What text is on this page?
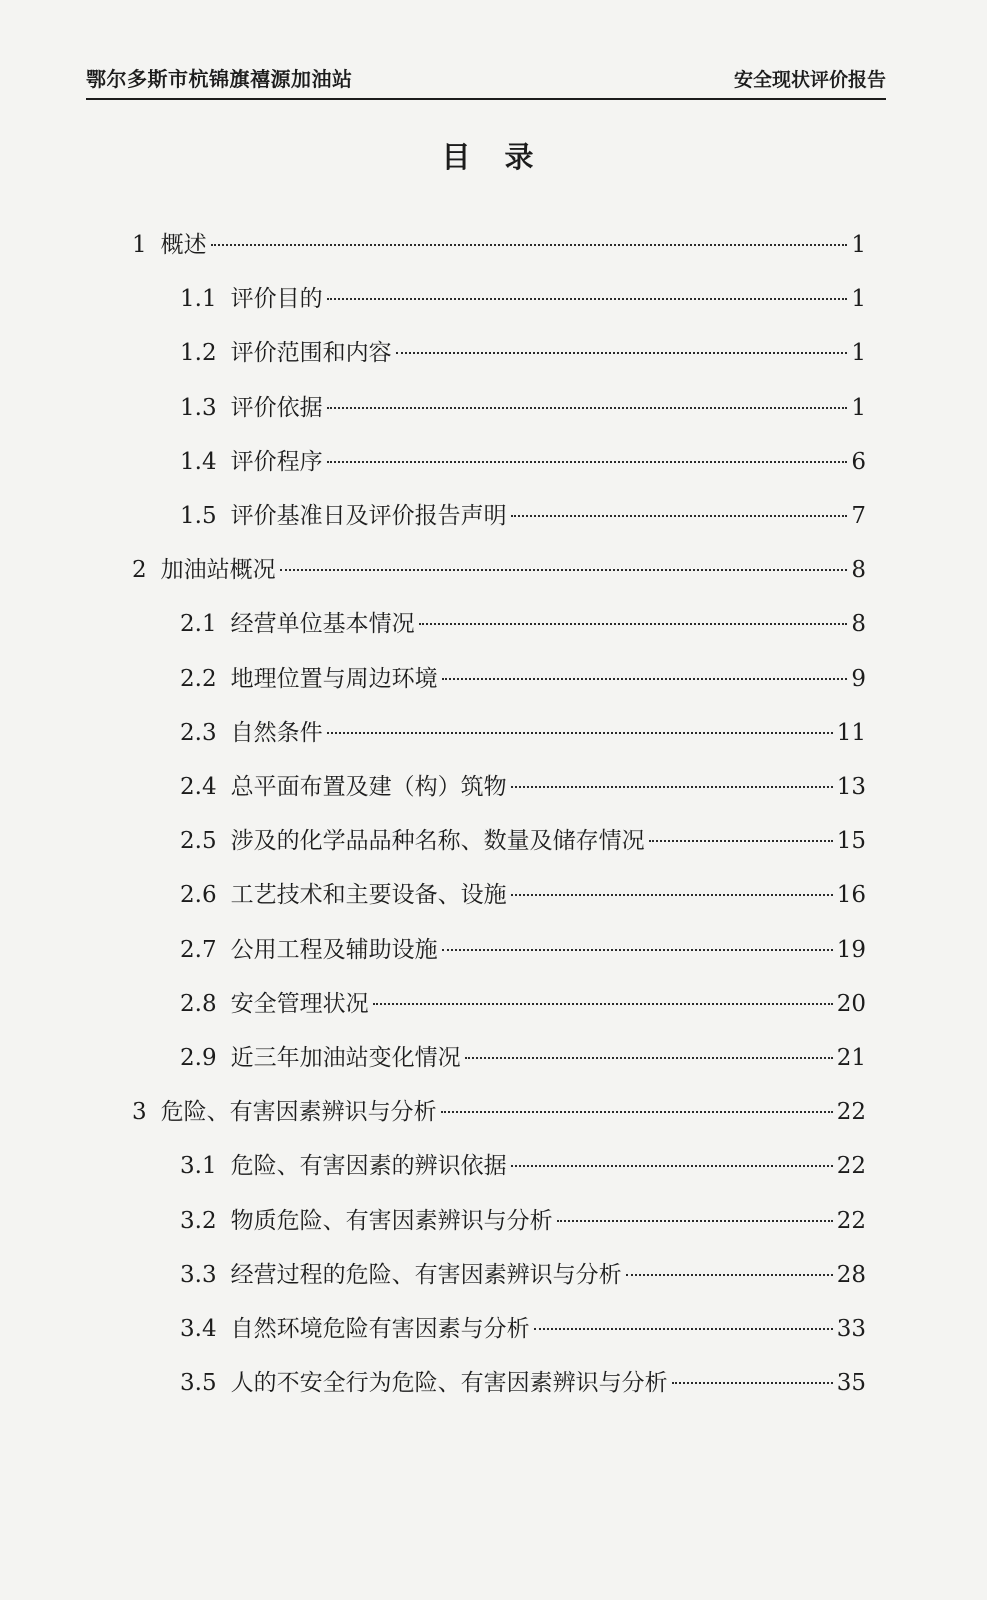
鄂尔多斯市杭锦旗禧源加油站	安全现状评价报告
目 录
1 概述	1
1.1 评价目的	1
1.2 评价范围和内容	1
1.3 评价依据	1
1.4 评价程序	6
1.5 评价基准日及评价报告声明	7
2 加油站概况	8
2.1 经营单位基本情况	8
2.2 地理位置与周边环境	9
2.3 自然条件	11
2.4 总平面布置及建（构）筑物	13
2.5 涉及的化学品品种名称、数量及储存情况	15
2.6 工艺技术和主要设备、设施	16
2.7 公用工程及辅助设施	19
2.8 安全管理状况	20
2.9 近三年加油站变化情况	21
3 危险、有害因素辨识与分析	22
3.1 危险、有害因素的辨识依据	22
3.2 物质危险、有害因素辨识与分析	22
3.3 经营过程的危险、有害因素辨识与分析	28
3.4 自然环境危险有害因素与分析	33
3.5 人的不安全行为危险、有害因素辨识与分析	35
